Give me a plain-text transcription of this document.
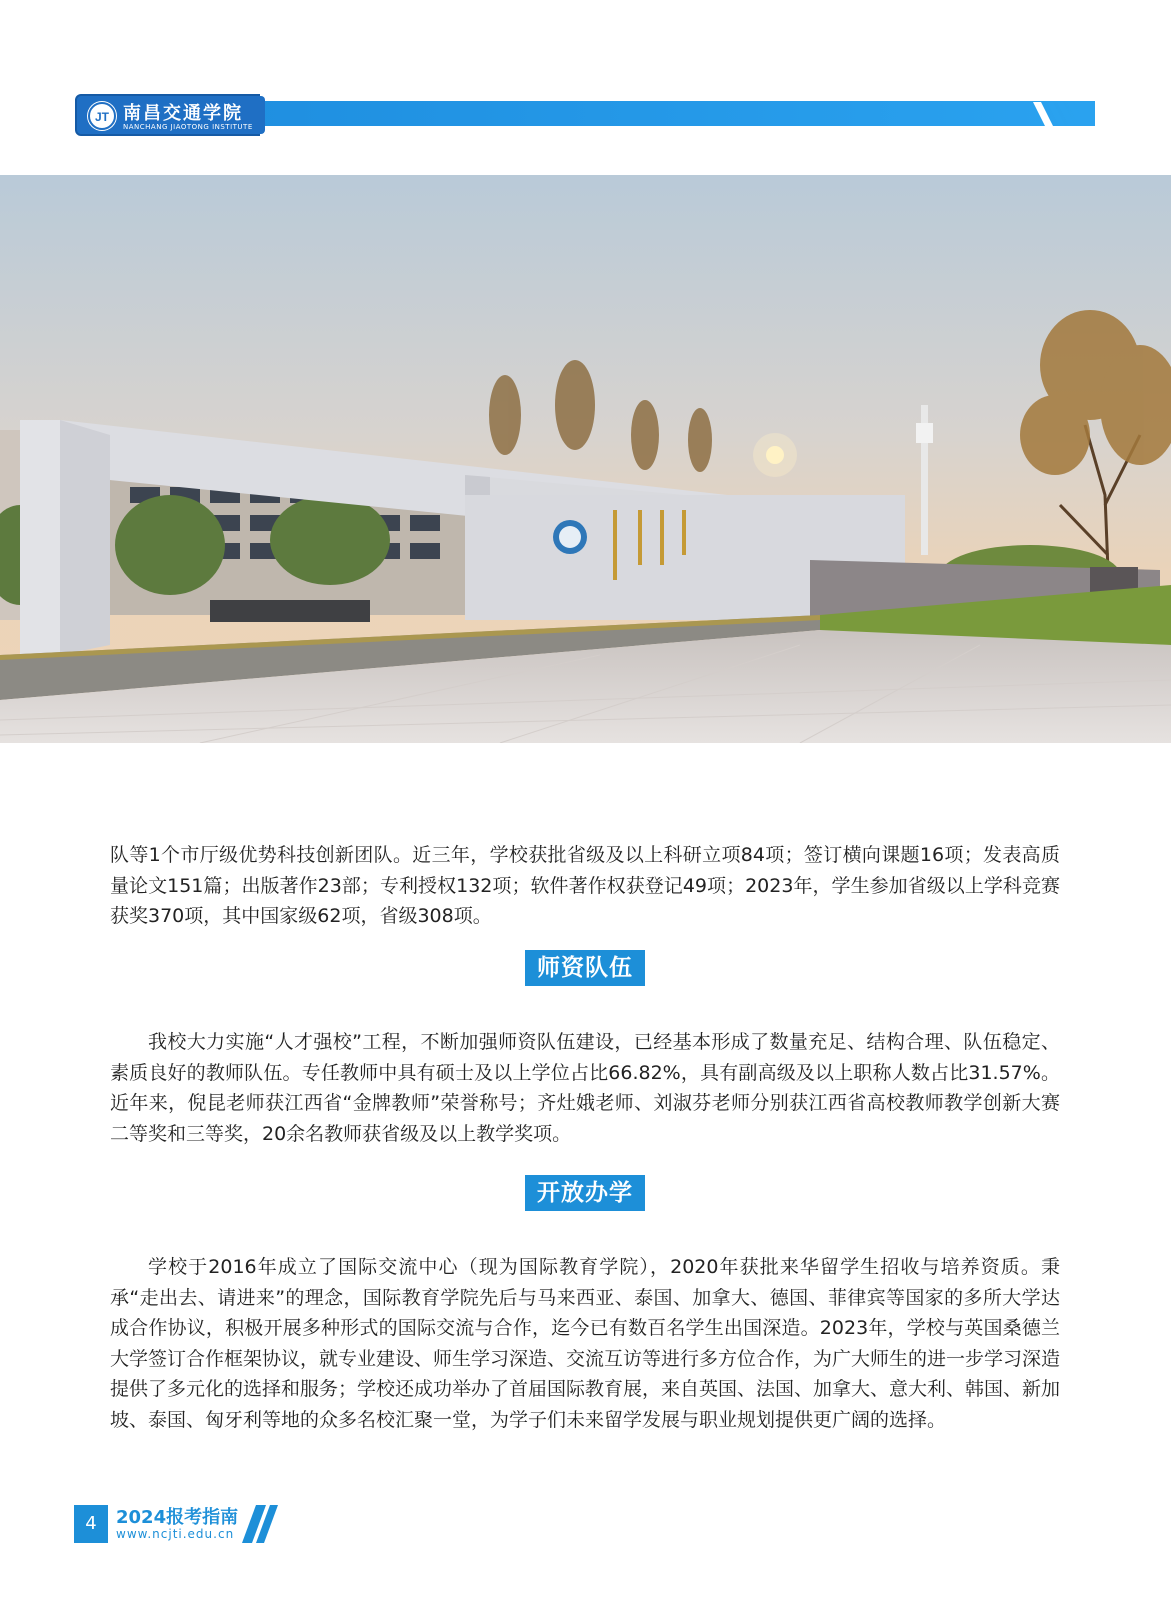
JT 南昌交通学院
NANCHANG JIAOTONG INSTITUTE

队等1个市厅级优势科技创新团队。近三年，学校获批省级及以上科研立项84项；签订横向课题16项；发表高质量论文151篇；出版著作23部；专利授权132项；软件著作权获登记49项；2023年，学生参加省级以上学科竞赛获奖370项，其中国家级62项，省级308项。

师资队伍

我校大力实施“人才强校”工程，不断加强师资队伍建设，已经基本形成了数量充足、结构合理、队伍稳定、素质良好的教师队伍。专任教师中具有硕士及以上学位占比66.82%，具有副高级及以上职称人数占比31.57%。近年来，倪昆老师获江西省“金牌教师”荣誉称号；齐灶娥老师、刘淑芬老师分别获江西省高校教师教学创新大赛二等奖和三等奖，20余名教师获省级及以上教学奖项。

开放办学

学校于2016年成立了国际交流中心（现为国际教育学院），2020年获批来华留学生招收与培养资质。秉承“走出去、请进来”的理念，国际教育学院先后与马来西亚、泰国、加拿大、德国、菲律宾等国家的多所大学达成合作协议，积极开展多种形式的国际交流与合作，迄今已有数百名学生出国深造。2023年，学校与英国桑德兰大学签订合作框架协议，就专业建设、师生学习深造、交流互访等进行多方位合作，为广大师生的进一步学习深造提供了多元化的选择和服务；学校还成功举办了首届国际教育展，来自英国、法国、加拿大、意大利、韩国、新加坡、泰国、匈牙利等地的众多名校汇聚一堂，为学子们未来留学发展与职业规划提供更广阔的选择。

4	2024报考指南
www.ncjti.edu.cn
